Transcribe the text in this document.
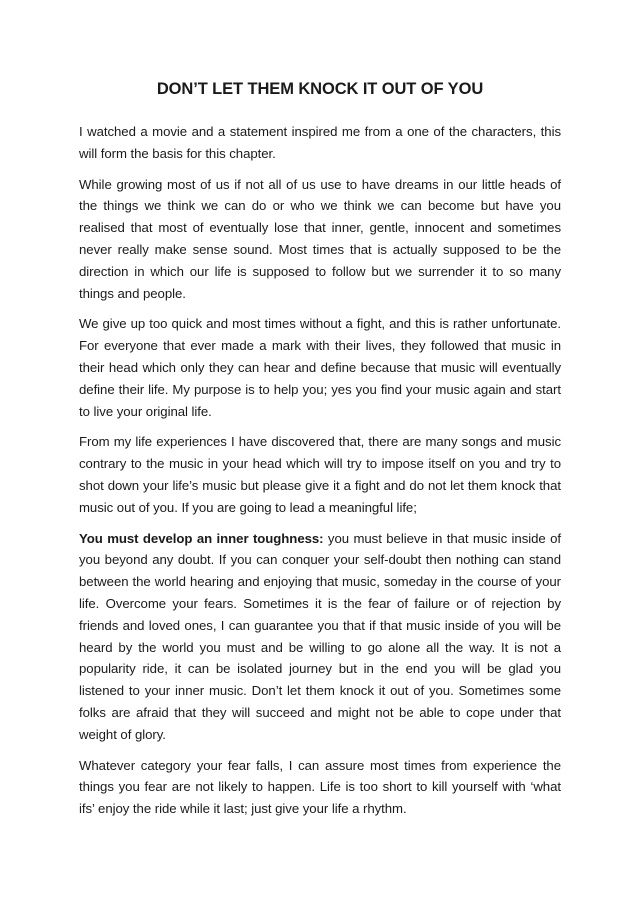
DON’T LET THEM KNOCK IT OUT OF YOU

I watched a movie and a statement inspired me from a one of the characters, this will form the basis for this chapter.

While growing most of us if not all of us use to have dreams in our little heads of the things we think we can do or who we think we can become but have you realised that most of eventually lose that inner, gentle, innocent and sometimes never really make sense sound. Most times that is actually supposed to be the direction in which our life is supposed to follow but we surrender it to so many things and people.

We give up too quick and most times without a fight, and this is rather unfortunate. For everyone that ever made a mark with their lives, they followed that music in their head which only they can hear and define because that music will eventually define their life. My purpose is to help you; yes you find your music again and start to live your original life.

From my life experiences I have discovered that, there are many songs and music contrary to the music in your head which will try to impose itself on you and try to shot down your life’s music but please give it a fight and do not let them knock that music out of you. If you are going to lead a meaningful life;

You must develop an inner toughness: you must believe in that music inside of you beyond any doubt. If you can conquer your self-doubt then nothing can stand between the world hearing and enjoying that music, someday in the course of your life. Overcome your fears. Sometimes it is the fear of failure or of rejection by friends and loved ones, I can guarantee you that if that music inside of you will be heard by the world you must and be willing to go alone all the way. It is not a popularity ride, it can be isolated journey but in the end you will be glad you listened to your inner music. Don’t let them knock it out of you. Sometimes some folks are afraid that they will succeed and might not be able to cope under that weight of glory.

Whatever category your fear falls, I can assure most times from experience the things you fear are not likely to happen. Life is too short to kill yourself with ‘what ifs’ enjoy the ride while it last; just give your life a rhythm.
